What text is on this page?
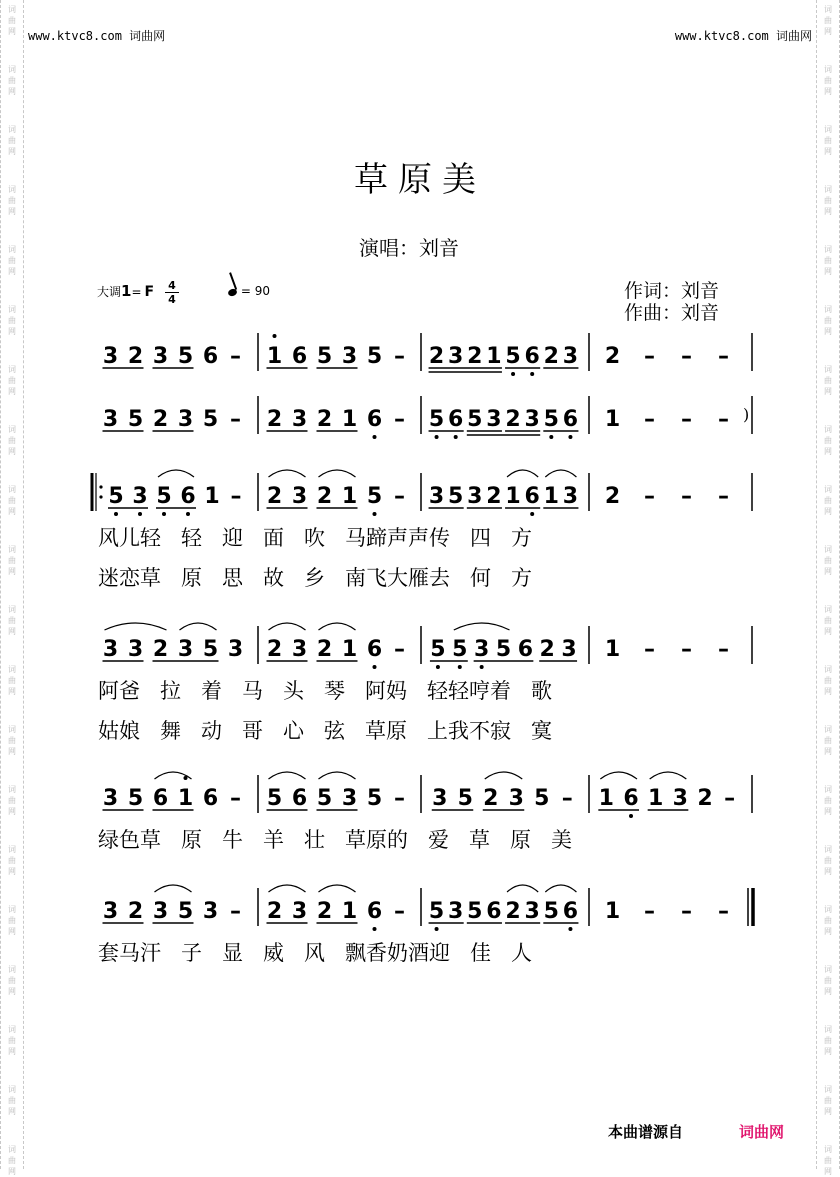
词
曲
网
词
曲
网
词
曲
网
词
曲
网
词
曲
网
词
曲
网
词
曲
网
词
曲
网
词
曲
网
词
曲
网
词
曲
网
词
曲
网
词
曲
网
词
曲
网
词
曲
网
词
曲
网
词
曲
网
词
曲
网
词
曲
网
词
曲
网
词
曲
网
词
曲
网
词
曲
网
词
曲
网
词
曲
网
词
曲
网
词
曲
网
词
曲
网
词
曲
网
词
曲
网
词
曲
网
词
曲
网
词
曲
网
词
曲
网
词
曲
网
词
曲
网
词
曲
网
词
曲
网
词
曲
网
词
曲
网
www.ktvc8.com 词曲网	www.ktvc8.com 词曲网
草原美
演唱：刘音
大调1= F 4
4
= 90	作词：刘音
作曲：刘音
3 2 3 5 6 – 1 6 5 3 5 – 2 3 2 1 5 6 2 3 2 – – –
)
3 5 2 3 5 – 2 3 2 1 6 – 5 6 5 3 2 3 5 6 1 – – –
5 3 5 6 1 – 2 3 2 1 5 – 3 5 3 2 1 6 1 3 2 – – –
风儿轻 轻 迎 面 吹 马蹄声声传 四 方
迷恋草 原 思 故 乡 南飞大雁去 何 方
3 3 2 3 5 3 2 3 2 1 6 – 5 5 3 5 6 2 3 1 – – –
阿爸 拉 着 马 头 琴 阿妈 轻轻哼着 歌
姑娘 舞 动 哥 心 弦 草原 上我不寂 寞
3 5 6 1 6 – 5 6 5 3 5 – 3 5 2 3 5 – 1 6 1 3 2 –
绿色草 原 牛 羊 壮 草原的 爱 草 原 美
3 2 3 5 3 – 2 3 2 1 6 – 5 3 5 6 2 3 5 6 1 – – –
套马汗 子 显 威 风 飘香奶酒迎 佳 人
本曲谱源自	词曲网
